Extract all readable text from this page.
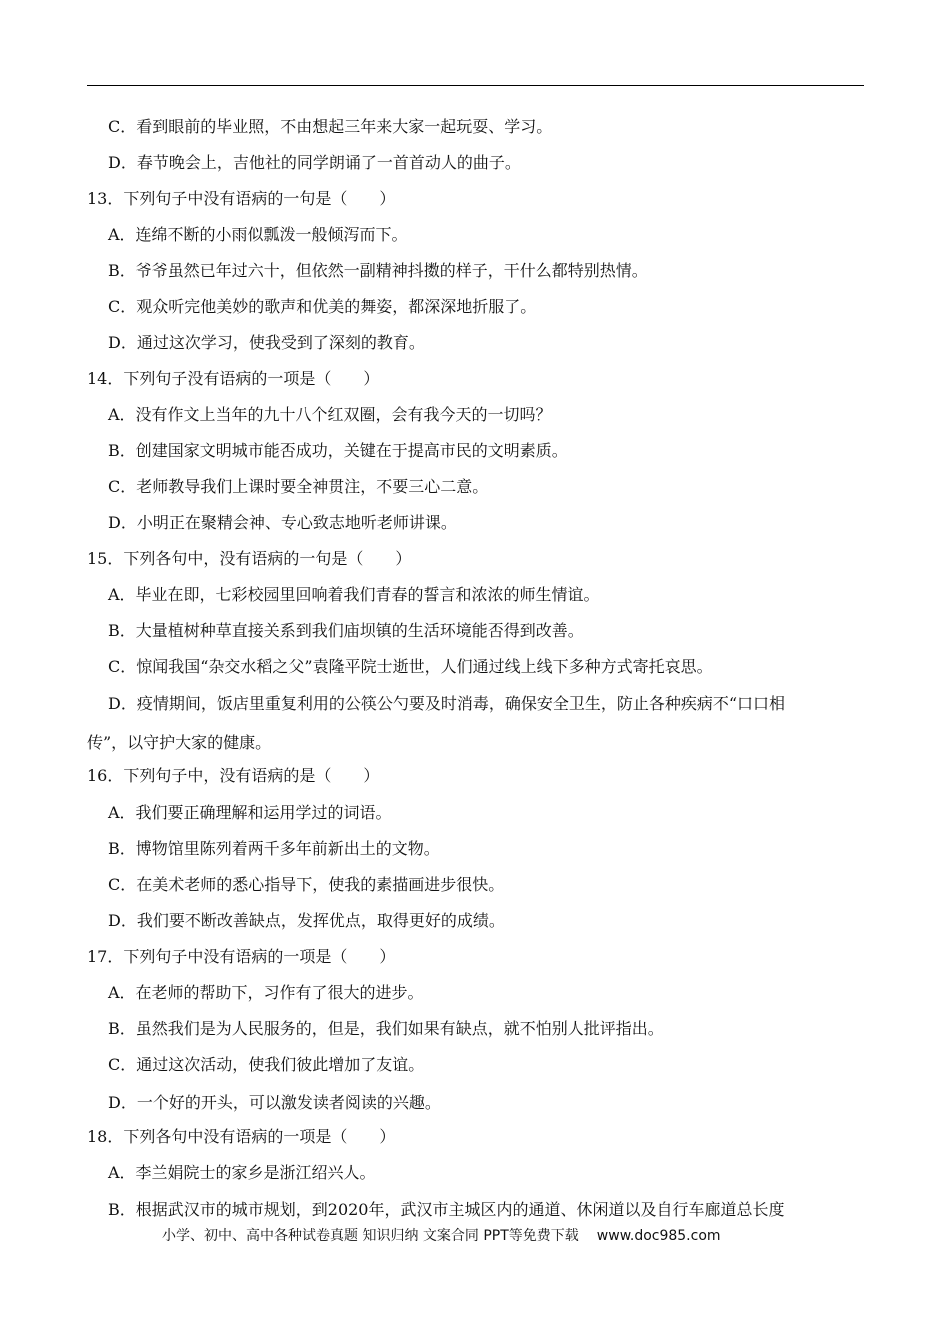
C．看到眼前的毕业照，不由想起三年来大家一起玩耍、学习。
D．春节晚会上，吉他社的同学朗诵了一首首动人的曲子。
13．下列句子中没有语病的一句是（　　）
A．连绵不断的小雨似瓢泼一般倾泻而下。
B．爷爷虽然已年过六十，但依然一副精神抖擞的样子，干什么都特别热情。
C．观众听完他美妙的歌声和优美的舞姿，都深深地折服了。
D．通过这次学习，使我受到了深刻的教育。
14．下列句子没有语病的一项是（　　）
A．没有作文上当年的九十八个红双圈，会有我今天的一切吗？
B．创建国家文明城市能否成功，关键在于提高市民的文明素质。
C．老师教导我们上课时要全神贯注，不要三心二意。
D．小明正在聚精会神、专心致志地听老师讲课。
15．下列各句中，没有语病的一句是（　　）
A．毕业在即，七彩校园里回响着我们青春的誓言和浓浓的师生情谊。
B．大量植树种草直接关系到我们庙坝镇的生活环境能否得到改善。
C．惊闻我国“杂交水稻之父”袁隆平院士逝世，人们通过线上线下多种方式寄托哀思。
D．疫情期间，饭店里重复利用的公筷公勺要及时消毒，确保安全卫生，防止各种疾病不“口口相
传”，以守护大家的健康。
16．下列句子中，没有语病的是（　　）
A．我们要正确理解和运用学过的词语。
B．博物馆里陈列着两千多年前新出土的文物。
C．在美术老师的悉心指导下，使我的素描画进步很快。
D．我们要不断改善缺点，发挥优点，取得更好的成绩。
17．下列句子中没有语病的一项是（　　）
A．在老师的帮助下，习作有了很大的进步。
B．虽然我们是为人民服务的，但是，我们如果有缺点，就不怕别人批评指出。
C．通过这次活动，使我们彼此增加了友谊。
D．一个好的开头，可以激发读者阅读的兴趣。
18．下列各句中没有语病的一项是（　　）
A．李兰娟院士的家乡是浙江绍兴人。
B．根据武汉市的城市规划，到2020年，武汉市主城区内的通道、休闲道以及自行车廊道总长度
小学、初中、高中各种试卷真题 知识归纳 文案合同 PPT等免费下载 www.doc985.com
